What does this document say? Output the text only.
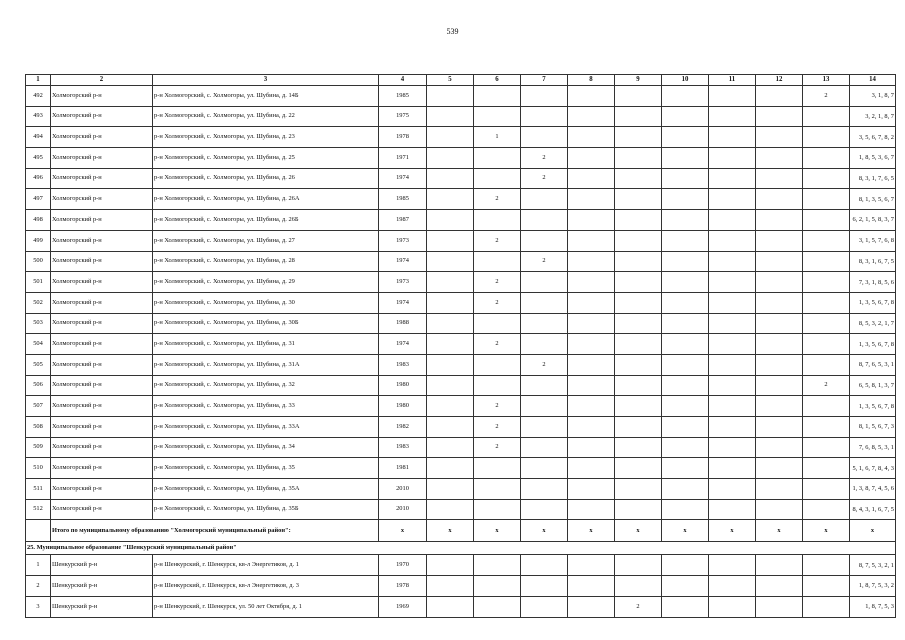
539
1	2	3	4	5	6	7	8	9	10	11	12	13	14
492	Холмогорский р-н	р-н Холмогорский, с. Холмогоры, ул. Шубина, д. 14Б	1985									2	3, 1, 8, 7
493	Холмогорский р-н	р-н Холмогорский, с. Холмогоры, ул. Шубина, д. 22	1975										3, 2, 1, 8, 7
494	Холмогорский р-н	р-н Холмогорский, с. Холмогоры, ул. Шубина, д. 23	1978		1								3, 5, 6, 7, 8, 2
495	Холмогорский р-н	р-н Холмогорский, с. Холмогоры, ул. Шубина, д. 25	1971			2							1, 8, 5, 3, 6, 7
496	Холмогорский р-н	р-н Холмогорский, с. Холмогоры, ул. Шубина, д. 26	1974			2							8, 3, 1, 7, 6, 5
497	Холмогорский р-н	р-н Холмогорский, с. Холмогоры, ул. Шубина, д. 26А	1985		2								8, 1, 3, 5, 6, 7
498	Холмогорский р-н	р-н Холмогорский, с. Холмогоры, ул. Шубина, д. 26Б	1987										6, 2, 1, 5, 8, 3, 7
499	Холмогорский р-н	р-н Холмогорский, с. Холмогоры, ул. Шубина, д. 27	1973		2								3, 1, 5, 7, 6, 8
500	Холмогорский р-н	р-н Холмогорский, с. Холмогоры, ул. Шубина, д. 28	1974			2							8, 3, 1, 6, 7, 5
501	Холмогорский р-н	р-н Холмогорский, с. Холмогоры, ул. Шубина, д. 29	1973		2								7, 3, 1, 8, 5, 6
502	Холмогорский р-н	р-н Холмогорский, с. Холмогоры, ул. Шубина, д. 30	1974		2								1, 3, 5, 6, 7, 8
503	Холмогорский р-н	р-н Холмогорский, с. Холмогоры, ул. Шубина, д. 30Б	1988										8, 5, 3, 2, 1, 7
504	Холмогорский р-н	р-н Холмогорский, с. Холмогоры, ул. Шубина, д. 31	1974		2								1, 3, 5, 6, 7, 8
505	Холмогорский р-н	р-н Холмогорский, с. Холмогоры, ул. Шубина, д. 31А	1983			2							8, 7, 6, 5, 3, 1
506	Холмогорский р-н	р-н Холмогорский, с. Холмогоры, ул. Шубина, д. 32	1980									2	6, 5, 8, 1, 3, 7
507	Холмогорский р-н	р-н Холмогорский, с. Холмогоры, ул. Шубина, д. 33	1980		2								1, 3, 5, 6, 7, 8
508	Холмогорский р-н	р-н Холмогорский, с. Холмогоры, ул. Шубина, д. 33А	1982		2								8, 1, 5, 6, 7, 3
509	Холмогорский р-н	р-н Холмогорский, с. Холмогоры, ул. Шубина, д. 34	1983		2								7, 6, 8, 5, 3, 1
510	Холмогорский р-н	р-н Холмогорский, с. Холмогоры, ул. Шубина, д. 35	1981										5, 1, 6, 7, 8, 4, 3
511	Холмогорский р-н	р-н Холмогорский, с. Холмогоры, ул. Шубина, д. 35А	2010										1, 3, 8, 7, 4, 5, 6
512	Холмогорский р-н	р-н Холмогорский, с. Холмогоры, ул. Шубина, д. 35Б	2010										8, 4, 3, 1, 6, 7, 5
	Итого по муниципальному образованию "Холмогорский муниципальный район":		х	х	х	х	х	х	х	х	х	х	х
25. Муниципальное образование "Шенкурский муниципальный район"													
1	Шенкурский р-н	р-н Шенкурский, г. Шенкурск, кв-л Энергетиков, д. 1	1970										8, 7, 5, 3, 2, 1
2	Шенкурский р-н	р-н Шенкурский, г. Шенкурск, кв-л Энергетиков, д. 3	1978										1, 8, 7, 5, 3, 2
3	Шенкурский р-н	р-н Шенкурский, г. Шенкурск, ул. 50 лет Октября, д. 1	1969					2					1, 8, 7, 5, 3
